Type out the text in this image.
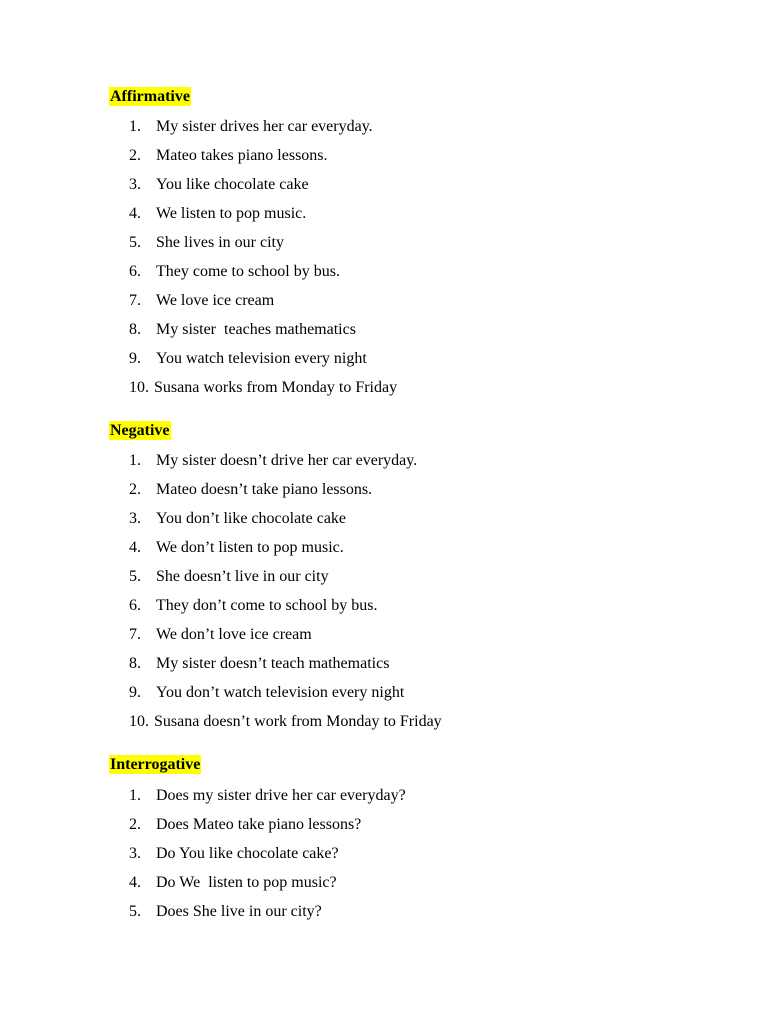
Affirmative
1. My sister drives her car everyday.
2. Mateo takes piano lessons.
3. You like chocolate cake
4. We listen to pop music.
5. She lives in our city
6. They come to school by bus.
7. We love ice cream
8. My sister  teaches mathematics
9. You watch television every night
10. Susana works from Monday to Friday
Negative
1. My sister doesn’t drive her car everyday.
2. Mateo doesn’t take piano lessons.
3. You don’t like chocolate cake
4. We don’t listen to pop music.
5. She doesn’t live in our city
6. They don’t come to school by bus.
7. We don’t love ice cream
8. My sister doesn’t teach mathematics
9. You don’t watch television every night
10. Susana doesn’t work from Monday to Friday
Interrogative
1. Does my sister drive her car everyday?
2. Does Mateo take piano lessons?
3. Do You like chocolate cake?
4. Do We  listen to pop music?
5. Does She live in our city?
